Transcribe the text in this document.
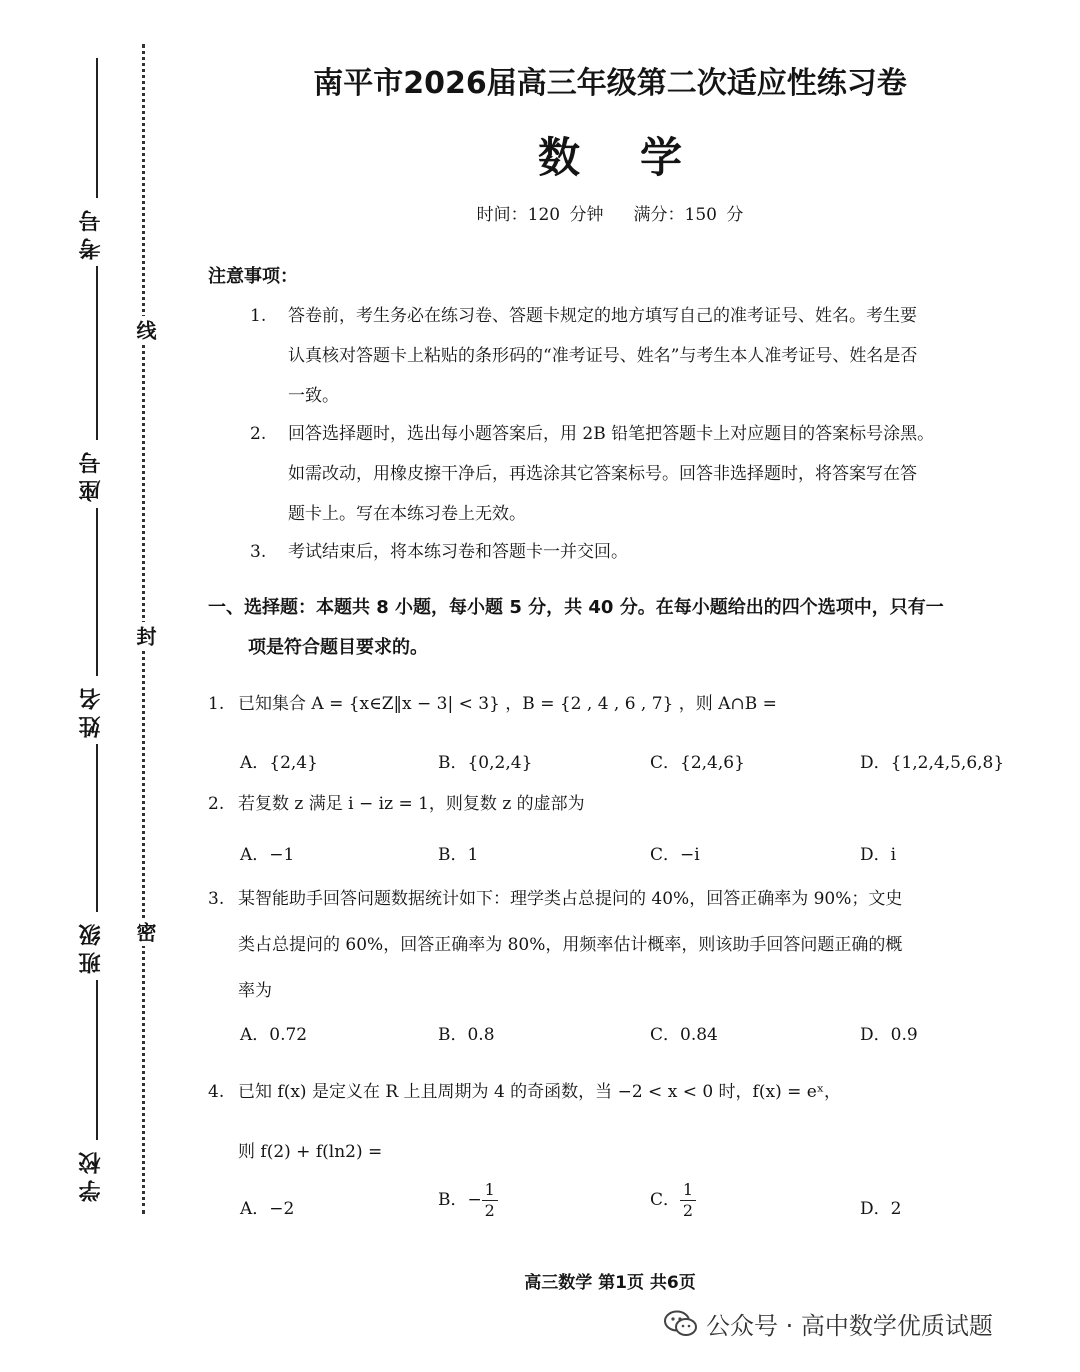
考号
座号
姓名
班级
学校
线
封
密
南平市2026届高三年级第二次适应性练习卷
数学
时间：120 分钟 满分：150 分
注意事项：
1. 答卷前，考生务必在练习卷、答题卡规定的地方填写自己的准考证号、姓名。考生要
认真核对答题卡上粘贴的条形码的“准考证号、姓名”与考生本人准考证号、姓名是否
一致。
2. 回答选择题时，选出每小题答案后，用 2B 铅笔把答题卡上对应题目的答案标号涂黑。
如需改动，用橡皮擦干净后，再选涂其它答案标号。回答非选择题时，将答案写在答
题卡上。写在本练习卷上无效。
3. 考试结束后，将本练习卷和答题卡一并交回。
一、选择题：本题共 8 小题，每小题 5 分，共 40 分。在每小题给出的四个选项中，只有一
项是符合题目要求的。
1. 已知集合 A = {x∈Z‖x − 3| < 3} ，B = {2 , 4 , 6 , 7} ，则 A∩B =
A．{2,4}	B．{0,2,4}	C．{2,4,6}	D．{1,2,4,5,6,8}
2. 若复数 z 满足 i − iz = 1，则复数 z 的虚部为
A．−1	B．1	C．−i	D．i
3. 某智能助手回答问题数据统计如下：理学类占总提问的 40%，回答正确率为 90%；文史
类占总提问的 60%，回答正确率为 80%，用频率估计概率，则该助手回答问题正确的概
率为
A．0.72	B．0.8	C．0.84	D．0.9
4. 已知 f(x) 是定义在 R 上且周期为 4 的奇函数，当 −2 < x < 0 时，f(x) = eˣ，
则 f(2) + f(ln2) =
A．−2	B．− $\frac{1}{2}$	C． $\frac{1}{2}$	D．2
高三数学 第1页 共6页
公众号 · 高中数学优质试题
